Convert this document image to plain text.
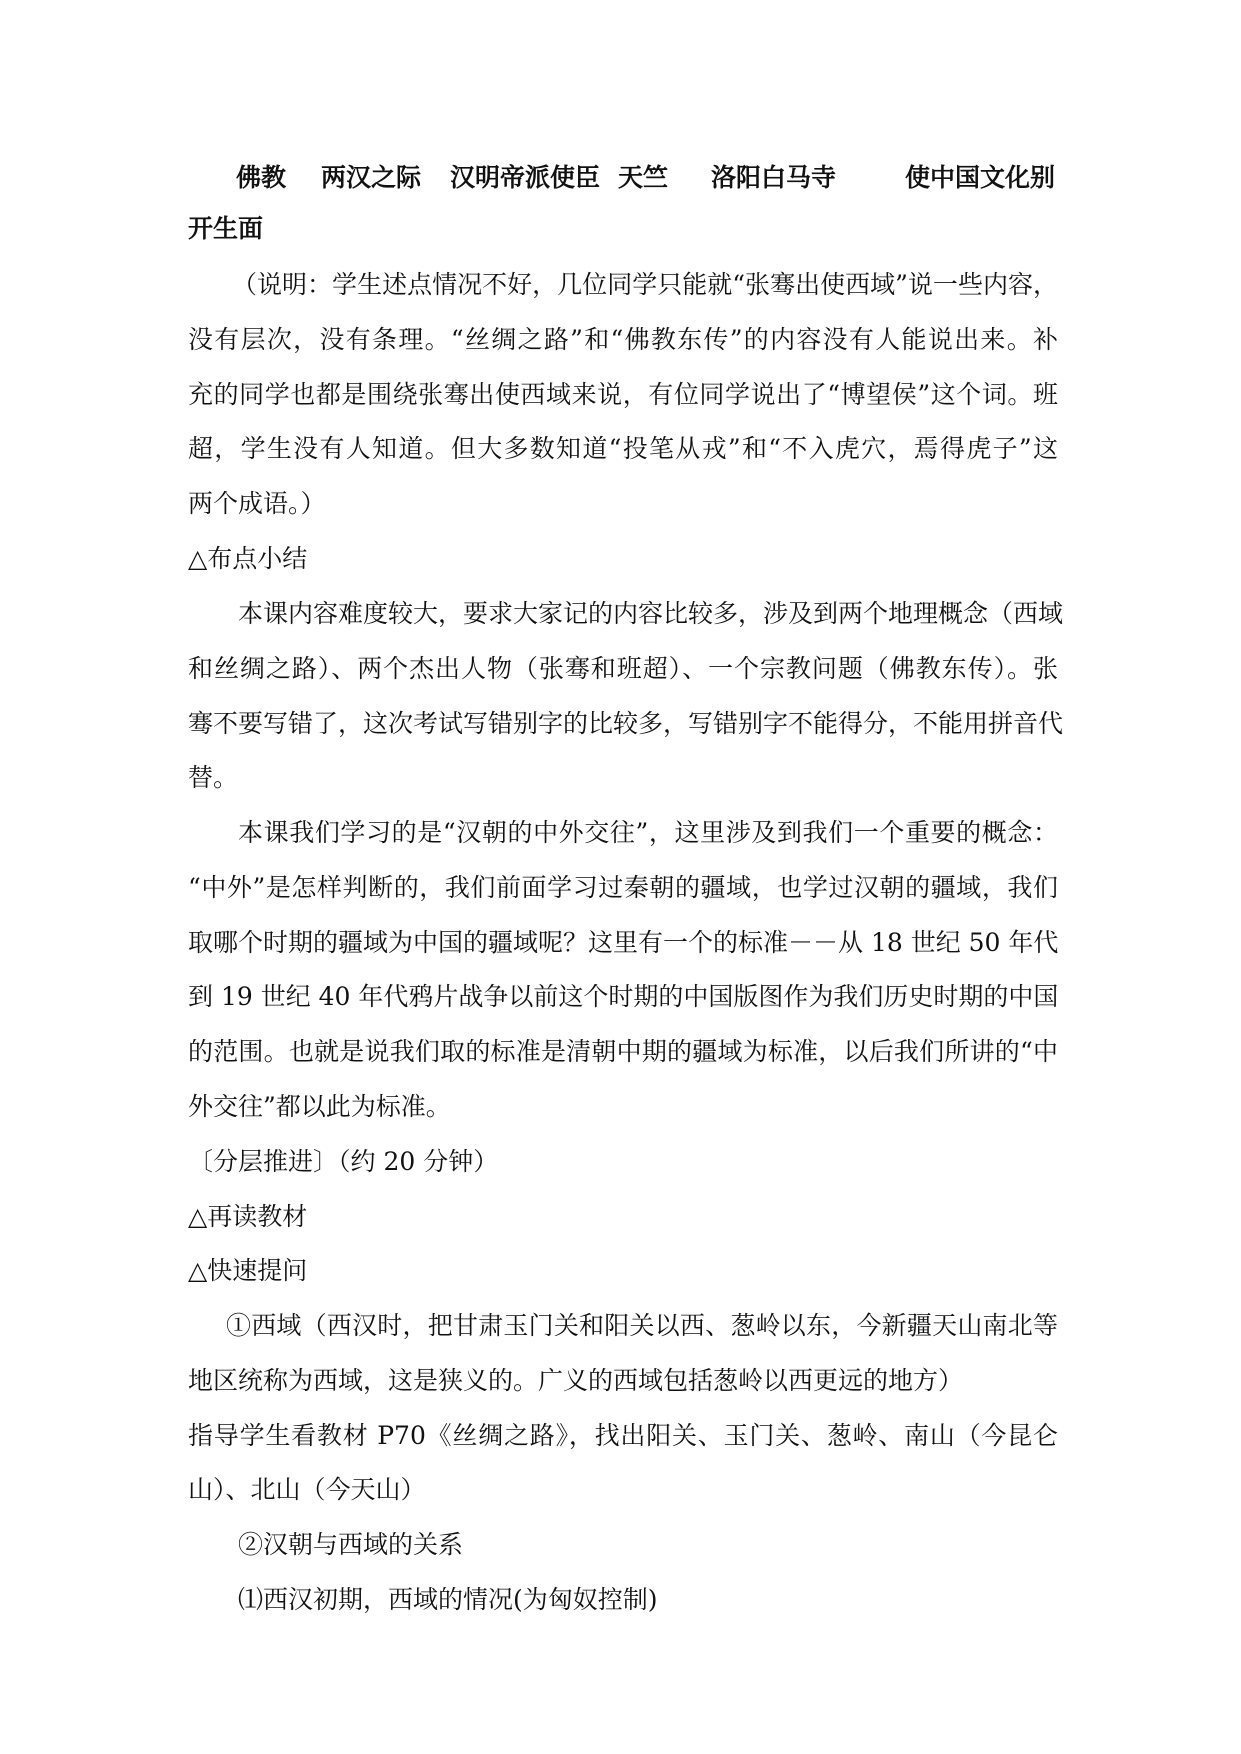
佛教 两汉之际 汉明帝派使臣 天竺 洛阳白马寺	使中国文化别
开生面
（说明：学生述点情况不好，几位同学只能就“张骞出使西域”说一些内容，
没有层次，没有条理。“丝绸之路”和“佛教东传”的内容没有人能说出来。补
充的同学也都是围绕张骞出使西域来说，有位同学说出了“博望侯”这个词。班
超，学生没有人知道。但大多数知道“投笔从戎”和“不入虎穴，焉得虎子”这
两个成语。）
△布点小结
本课内容难度较大，要求大家记的内容比较多，涉及到两个地理概念（西域
和丝绸之路）、两个杰出人物（张骞和班超）、一个宗教问题（佛教东传）。张
骞不要写错了，这次考试写错别字的比较多，写错别字不能得分，不能用拼音代
替。
本课我们学习的是“汉朝的中外交往”，这里涉及到我们一个重要的概念：
“中外”是怎样判断的，我们前面学习过秦朝的疆域，也学过汉朝的疆域，我们
取哪个时期的疆域为中国的疆域呢？这里有一个的标准－－从 18 世纪 50 年代
到 19 世纪 40 年代鸦片战争以前这个时期的中国版图作为我们历史时期的中国
的范围。也就是说我们取的标准是清朝中期的疆域为标准，以后我们所讲的“中
外交往”都以此为标准。
〔分层推进〕（约 20 分钟）
△再读教材
△快速提问
①西域（西汉时，把甘肃玉门关和阳关以西、葱岭以东，今新疆天山南北等
地区统称为西域，这是狭义的。广义的西域包括葱岭以西更远的地方）
指导学生看教材 P70《丝绸之路》，找出阳关、玉门关、葱岭、南山（今昆仑
山）、北山（今天山）
②汉朝与西域的关系
⑴西汉初期，西域的情况(为匈奴控制)
